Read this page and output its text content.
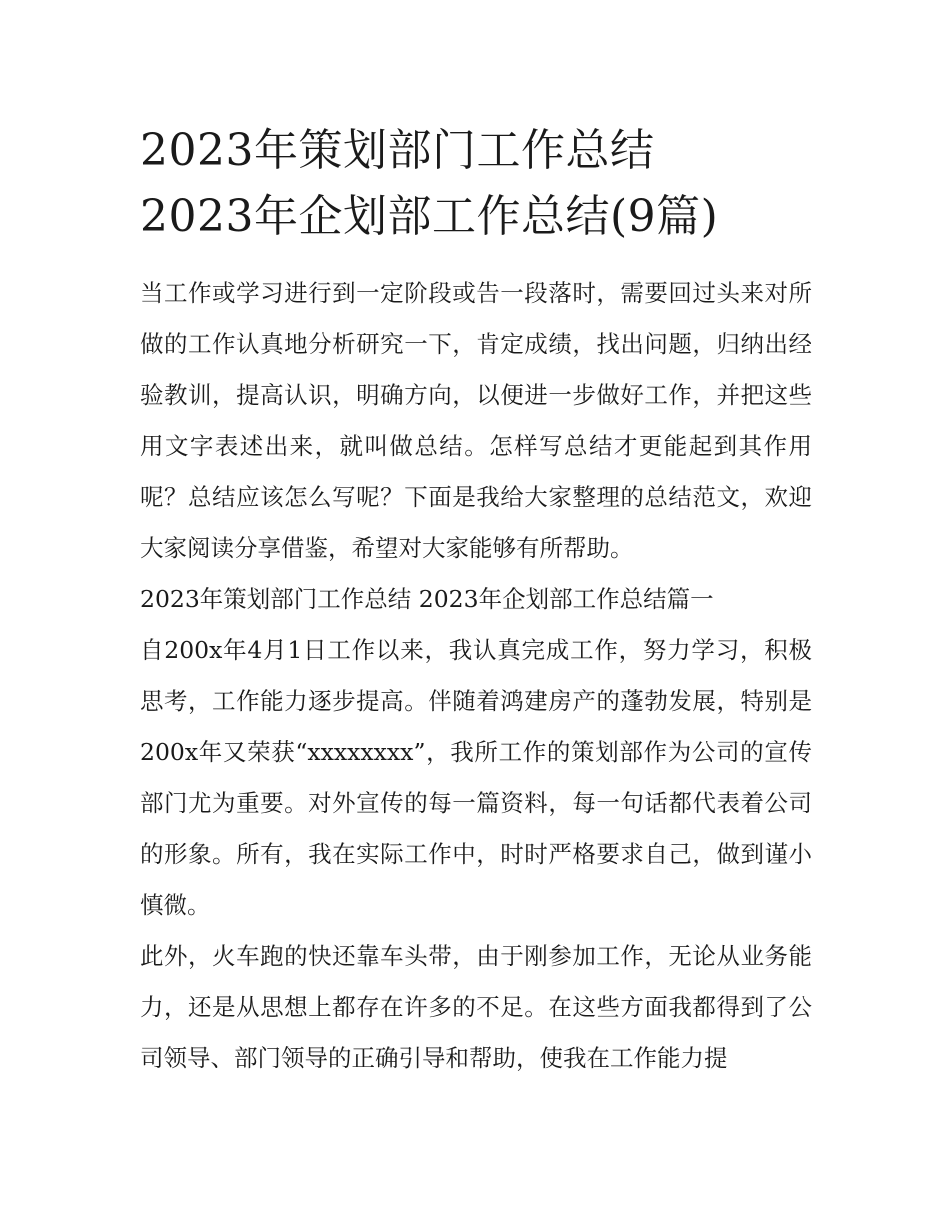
2023年策划部门工作总结
2023年企划部工作总结(9篇)

当工作或学习进行到一定阶段或告一段落时，需要回过头来对所做的工作认真地分析研究一下，肯定成绩，找出问题，归纳出经验教训，提高认识，明确方向，以便进一步做好工作，并把这些用文字表述出来，就叫做总结。怎样写总结才更能起到其作用呢？总结应该怎么写呢？下面是我给大家整理的总结范文，欢迎大家阅读分享借鉴，希望对大家能够有所帮助。

2023年策划部门工作总结 2023年企划部工作总结篇一

自200x年4月1日工作以来，我认真完成工作，努力学习，积极思考，工作能力逐步提高。伴随着鸿建房产的蓬勃发展，特别是200x年又荣获“xxxxxxxx”，我所工作的策划部作为公司的宣传部门尤为重要。对外宣传的每一篇资料，每一句话都代表着公司的形象。所有，我在实际工作中，时时严格要求自己，做到谨小慎微。

此外，火车跑的快还靠车头带，由于刚参加工作，无论从业务能力，还是从思想上都存在许多的不足。在这些方面我都得到了公司领导、部门领导的正确引导和帮助，使我在工作能力提
